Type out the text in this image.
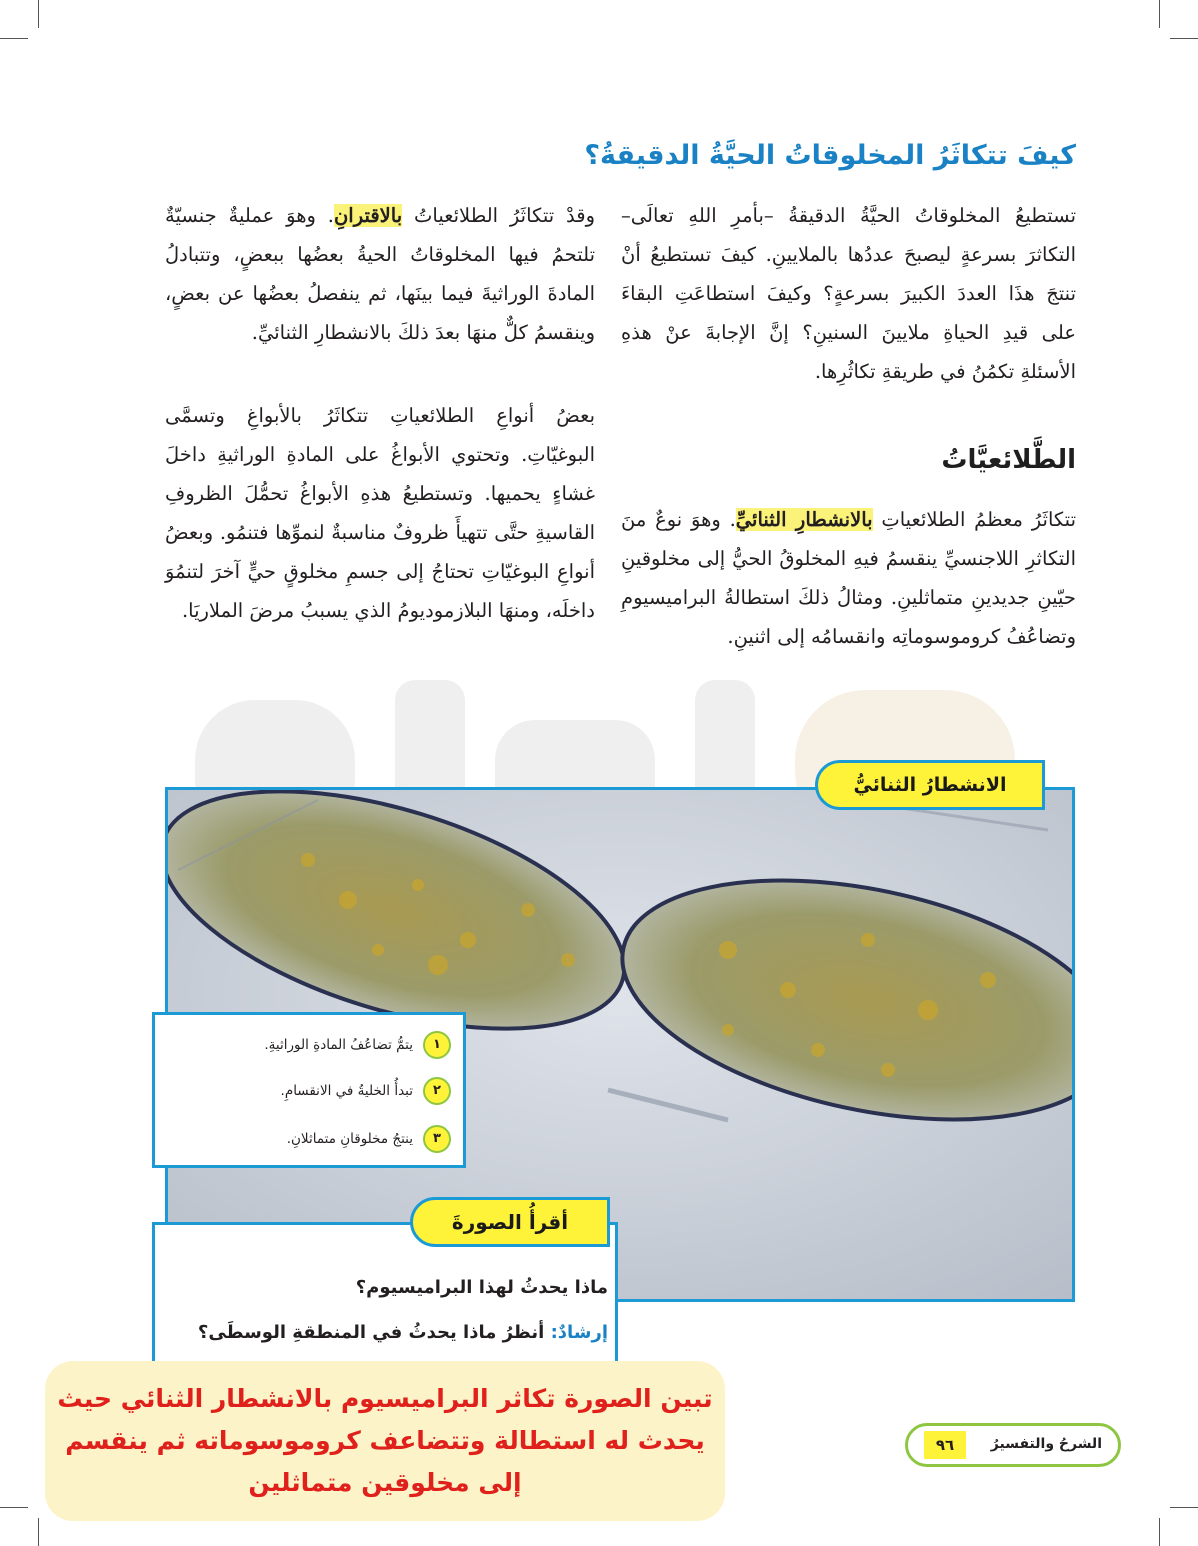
كيفَ تتكاثَرُ المخلوقاتُ الحيَّةُ الدقيقةُ؟
تستطيعُ المخلوقاتُ الحيَّةُ الدقيقةُ –بأمرِ اللهِ تعالَى– التكاثرَ بسرعةٍ ليصبحَ عددُها بالملايينِ. كيفَ تستطيعُ أنْ تنتجَ هذَا العددَ الكبيرَ بسرعةٍ؟ وكيفَ استطاعَتِ البقاءَ على قيدِ الحياةِ ملايينَ السنينِ؟ إنَّ الإجابةَ عنْ هذهِ الأسئلةِ تكمُنُ في طريقةِ تكاثُرِها.
الطَّلائعيَّاتُ
تتكاثَرُ معظمُ الطلائعياتِ بالانشطارِ الثنائيِّ. وهوَ نوعٌ منَ التكاثرِ اللاجنسيِّ ينقسمُ فيهِ المخلوقُ الحيُّ إلى مخلوقينِ حيّينِ جديدينِ متماثلينِ. ومثالُ ذلكَ استطالةُ البراميسيومِ وتضاعُفُ كروموسوماتِه وانقسامُه إلى اثنينِ.
وقدْ تتكاثَرُ الطلائعياتُ بالاقترانِ. وهوَ عمليةٌ جنسيّةٌ تلتحمُ فيها المخلوقاتُ الحيةُ بعضُها ببعضٍ، وتتبادلُ المادةَ الوراثيةَ فيما بينَها، ثم ينفصلُ بعضُها عن بعضٍ، وينقسمُ كلٌّ منهَا بعدَ ذلكَ بالانشطارِ الثنائيِّ.
بعضُ أنواعِ الطلائعياتِ تتكاثَرُ بالأبواغِ وتسمَّى البوغيّاتِ. وتحتوي الأبواغُ على المادةِ الوراثيةِ داخلَ غشاءٍ يحميها. وتستطيعُ هذهِ الأبواغُ تحمُّلَ الظروفِ القاسيةِ حتَّى تتهيأَ ظروفٌ مناسبةٌ لنموِّها فتنمُو. وبعضُ أنواعِ البوغيّاتِ تحتاجُ إلى جسمِ مخلوقٍ حيٍّ آخرَ لتنمُوَ داخلَه، ومنهَا البلازموديومُ الذي يسببُ مرضَ الملاريَا.
الانشطارُ الثنائيُّ
١
يتمُّ تضاعُفُ المادةِ الوراثيةِ.
٢
تبدأُ الخليةُ في الانقسامِ.
٣
ينتجُ مخلوقانِ متماثلانِ.
أقرأُ الصورةَ
ماذا يحدثُ لهذا البراميسيوم؟
إرشادٌ: أنظرُ ماذا يحدثُ في المنطقةِ الوسطَى؟
تبين الصورة تكاثر البراميسيوم بالانشطار الثنائي حيث يحدث له استطالة وتتضاعف كروموسوماته ثم ينقسم إلى مخلوقين متماثلين
الشرحُ والتفسيرُ
٩٦
